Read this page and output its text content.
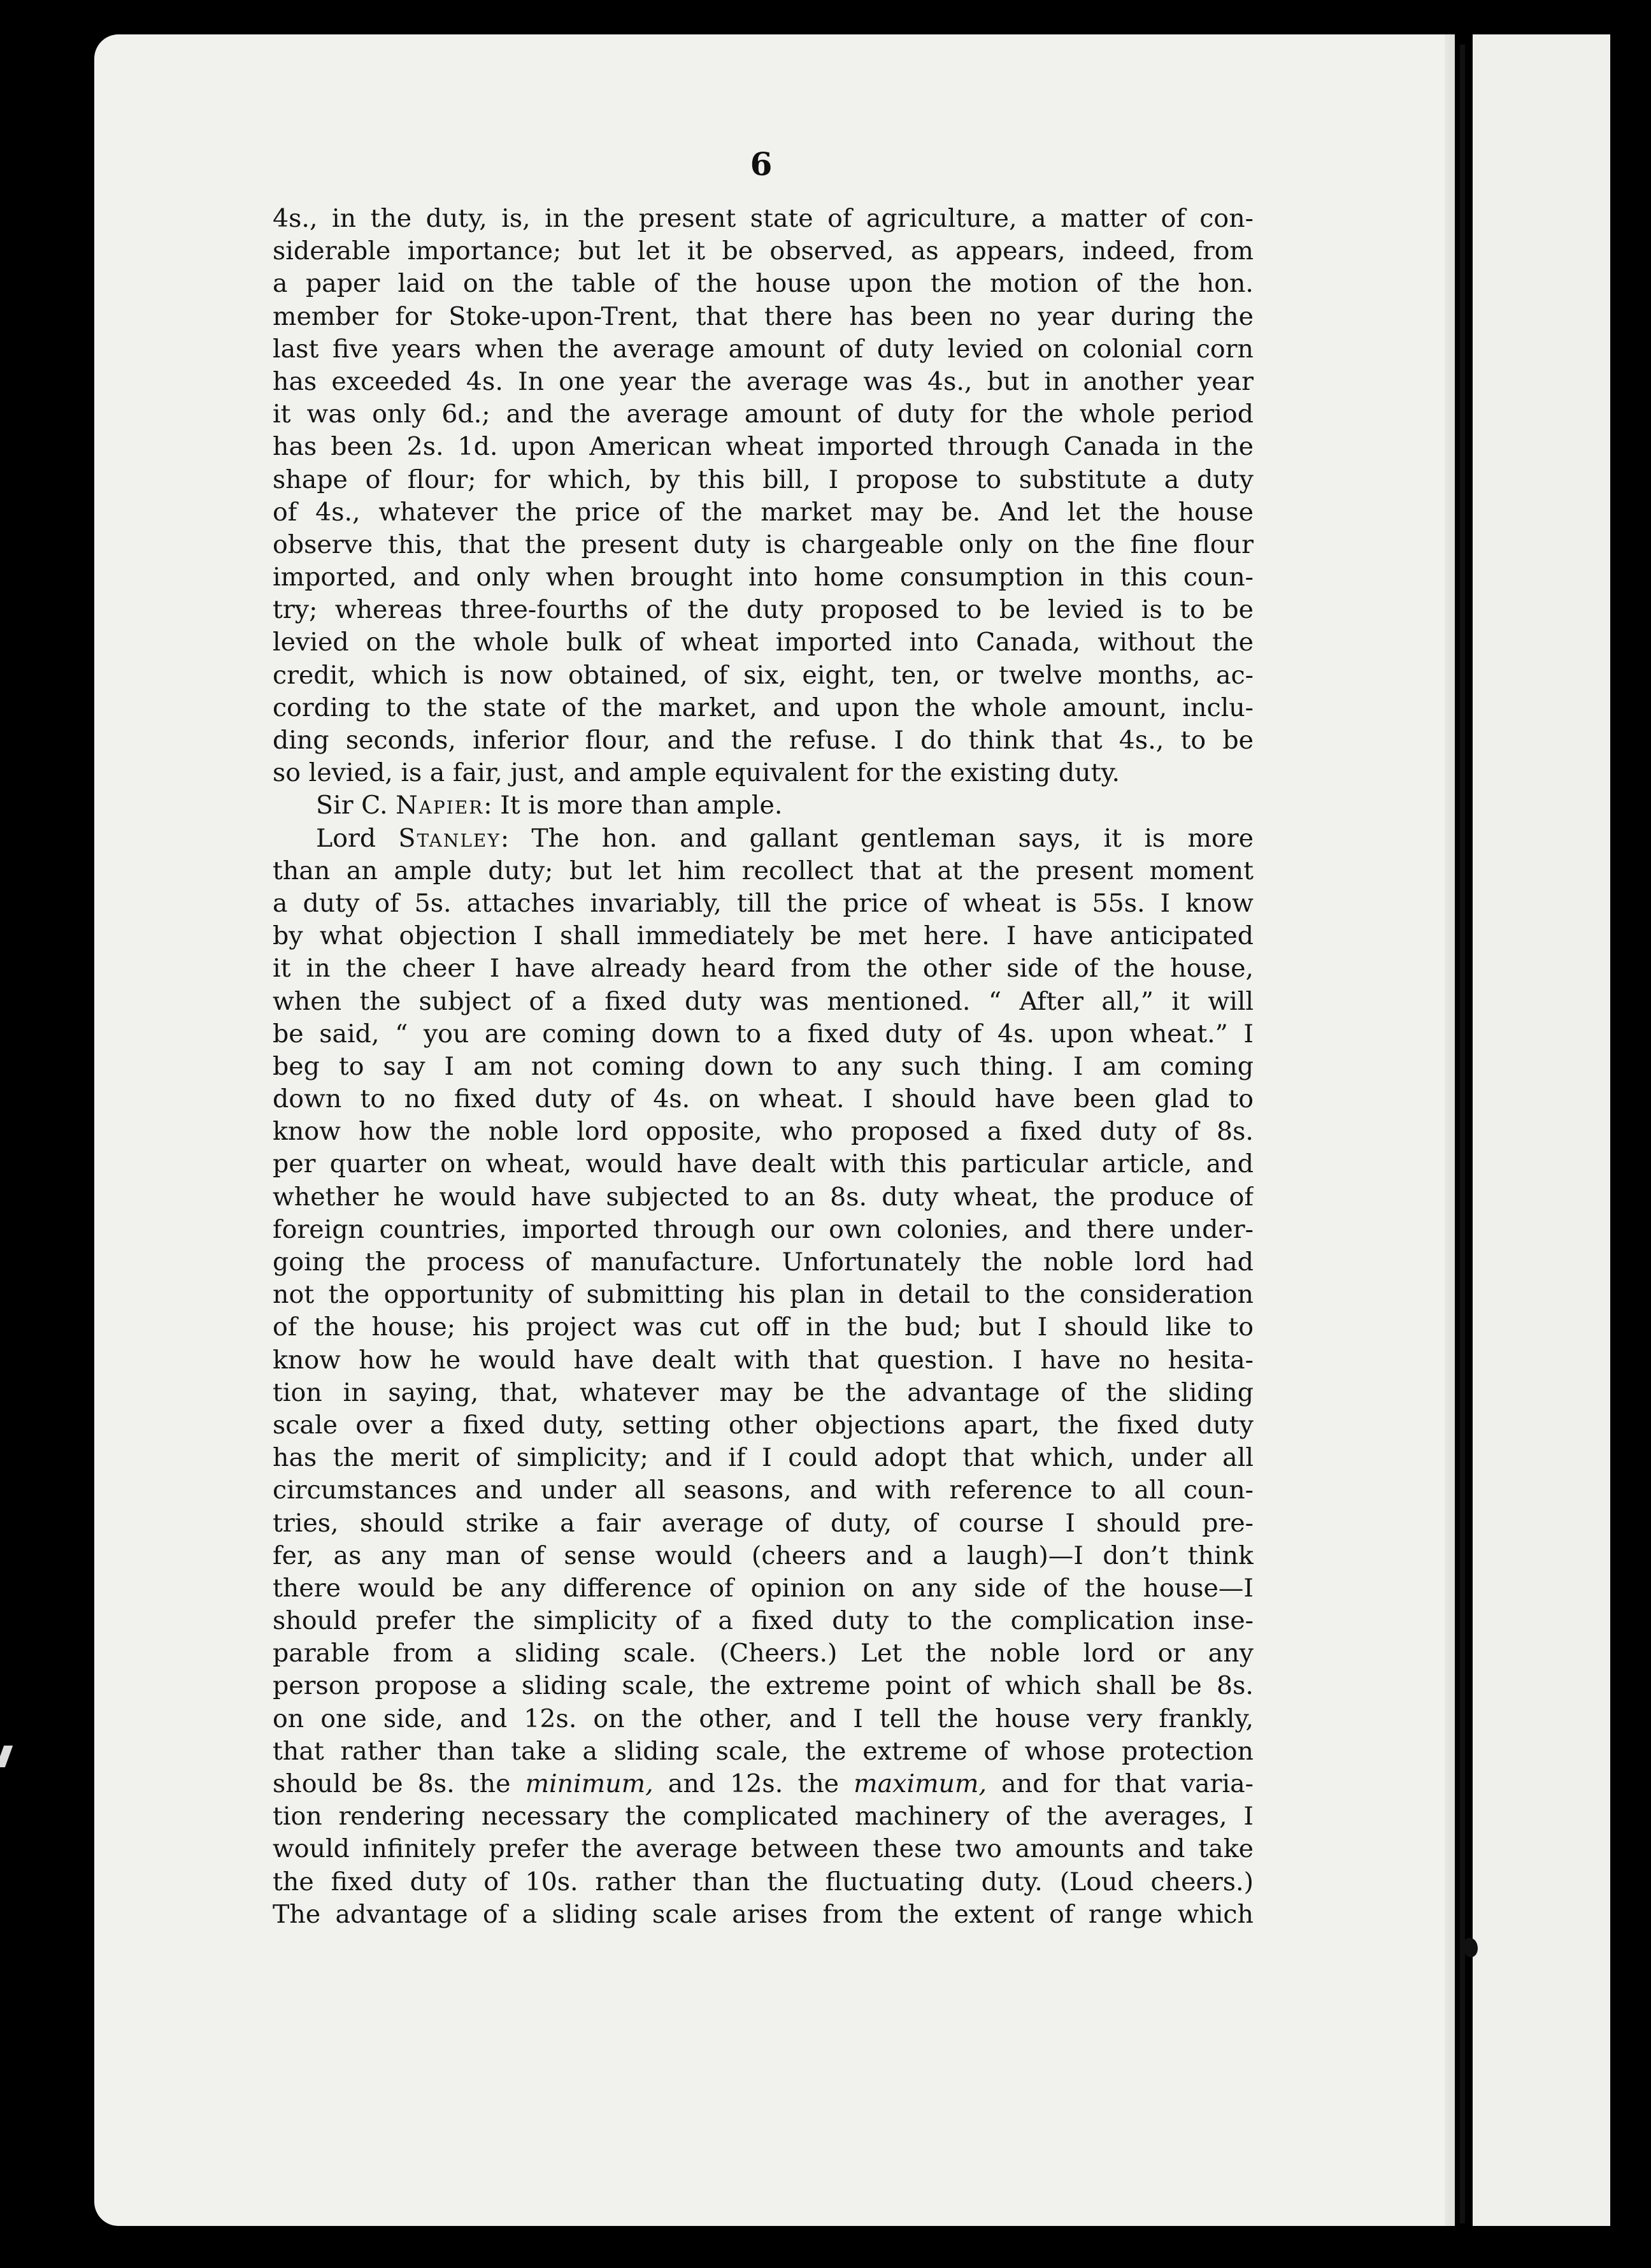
6
4s., in the duty, is, in the present state of agriculture, a matter of con-
siderable importance; but let it be observed, as appears, indeed, from
a paper laid on the table of the house upon the motion of the hon.
member for Stoke-upon-Trent, that there has been no year during the
last five years when the average amount of duty levied on colonial corn
has exceeded 4s. In one year the average was 4s., but in another year
it was only 6d.; and the average amount of duty for the whole period
has been 2s. 1d. upon American wheat imported through Canada in the
shape of flour; for which, by this bill, I propose to substitute a duty
of 4s., whatever the price of the market may be. And let the house
observe this, that the present duty is chargeable only on the fine flour
imported, and only when brought into home consumption in this coun-
try; whereas three-fourths of the duty proposed to be levied is to be
levied on the whole bulk of wheat imported into Canada, without the
credit, which is now obtained, of six, eight, ten, or twelve months, ac-
cording to the state of the market, and upon the whole amount, inclu-
ding seconds, inferior flour, and the refuse. I do think that 4s., to be
so levied, is a fair, just, and ample equivalent for the existing duty.
Sir C. Napier: It is more than ample.
Lord Stanley: The hon. and gallant gentleman says, it is more
than an ample duty; but let him recollect that at the present moment
a duty of 5s. attaches invariably, till the price of wheat is 55s. I know
by what objection I shall immediately be met here. I have anticipated
it in the cheer I have already heard from the other side of the house,
when the subject of a fixed duty was mentioned. “ After all,” it will
be said, “ you are coming down to a fixed duty of 4s. upon wheat.” I
beg to say I am not coming down to any such thing. I am coming
down to no fixed duty of 4s. on wheat. I should have been glad to
know how the noble lord opposite, who proposed a fixed duty of 8s.
per quarter on wheat, would have dealt with this particular article, and
whether he would have subjected to an 8s. duty wheat, the produce of
foreign countries, imported through our own colonies, and there under-
going the process of manufacture. Unfortunately the noble lord had
not the opportunity of submitting his plan in detail to the consideration
of the house; his project was cut off in the bud; but I should like to
know how he would have dealt with that question. I have no hesita-
tion in saying, that, whatever may be the advantage of the sliding
scale over a fixed duty, setting other objections apart, the fixed duty
has the merit of simplicity; and if I could adopt that which, under all
circumstances and under all seasons, and with reference to all coun-
tries, should strike a fair average of duty, of course I should pre-
fer, as any man of sense would (cheers and a laugh)—I don’t think
there would be any difference of opinion on any side of the house—I
should prefer the simplicity of a fixed duty to the complication inse-
parable from a sliding scale. (Cheers.) Let the noble lord or any
person propose a sliding scale, the extreme point of which shall be 8s.
on one side, and 12s. on the other, and I tell the house very frankly,
that rather than take a sliding scale, the extreme of whose protection
should be 8s. the minimum, and 12s. the maximum, and for that varia-
tion rendering necessary the complicated machinery of the averages, I
would infinitely prefer the average between these two amounts and take
the fixed duty of 10s. rather than the fluctuating duty. (Loud cheers.)
The advantage of a sliding scale arises from the extent of range which
